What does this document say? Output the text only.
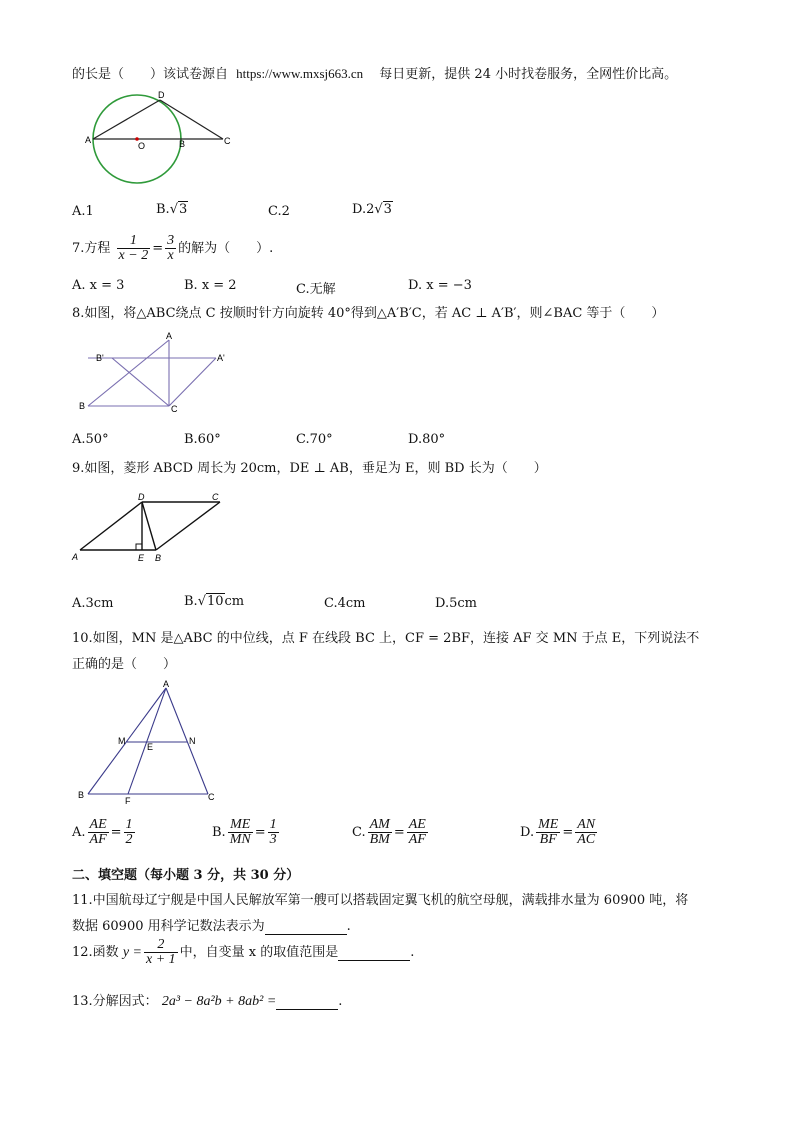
的长是（　　）该试卷源自 https://www.mxsj663.cn 每日更新，提供 24 小时找卷服务，全网性价比高。
A
O	B	C
D
A.1	B.√3	C.2	D.2√3
7.方程 $\frac{1}{x - 2} = \frac{3}{x}$ 的解为（　　）.
A. x = 3	B. x = 2	C.无解	D. x = −3
8.如图，将△ABC绕点 C 按顺时针方向旋转 40°得到△A′B′C，若 AC ⊥ A′B′，则∠BAC 等于（　　）
A
B'	A'
B	C
A.50°	B.60°	C.70°	D.80°
9.如图，菱形 ABCD 周长为 20cm，DE ⊥ AB，垂足为 E，则 BD 长为（　　）
A
D	C
E B
A.3cm	B.√10cm	C.4cm	D.5cm
10.如图，MN 是△ABC 的中位线，点 F 在线段 BC 上，CF = 2BF，连接 AF 交 MN 于点 E，下列说法不
正确的是（　　）
A
M	N
E
B
F	C
A. $\frac{AE}{AF} = \frac{1}{2}$	B. $\frac{ME}{MN} = \frac{1}{3}$	C. $\frac{AM}{BM} = \frac{AE}{AF}$	D. $\frac{ME}{BF} = \frac{AN}{AC}$
二、填空题（每小题 3 分，共 30 分）
11.中国航母辽宁舰是中国人民解放军第一艘可以搭载固定翼飞机的航空母舰，满载排水量为 60900 吨，将
数据 60900 用科学记数法表示为	.
12.函数 $y = \frac{2}{x + 1}$ 中，自变量 x 的取值范围是	.
13.分解因式： 2a³ − 8a²b + 8ab² =	.
